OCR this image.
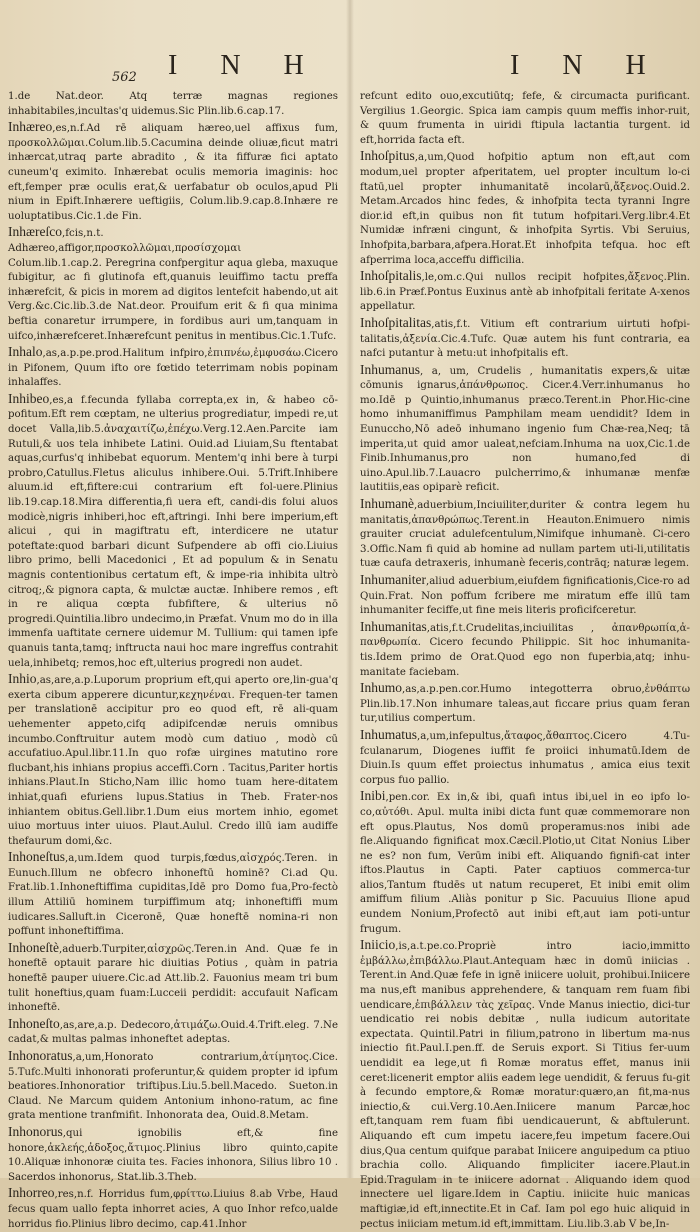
562 I N H

1.de Nat.deor. Atq terræ magnas regiones inhabitabiles,incultas'q uidemus.Sic Plin.lib.6.cap.17.

Inhæreo,es,n.f.Ad rē aliquam hæreo,uel affixus fum, προσκολλῶμαι.Colum.lib.5.Cacumina deinde oliuæ,ficut matri inhærcat,utraq parte abradito , & ita fiffuræ fici aptato cuneum'q eximito. Inhærebat oculis memoria imaginis: hoc eft,femper præ oculis erat,& uerfabatur ob oculos,apud Pli nium in Epift.Inhærere ueftigiis, Colum.lib.9.cap.8.Inhære re uoluptatibus.Cic.1.de Fin.

Inhæreſco,fcis,n.t. Adhæreo,affigor,προσκολλῶμαι,προσίσχομαι Colum.lib.1.cap.2. Peregrina confpergitur aqua gleba, maxuque fubigitur, ac fi glutinofa eft,quanuis leuiffimo tactu preffa inhærefcit, & picis in morem ad digitos lentefcit habendo,ut ait Verg.&c.Cic.lib.3.de Nat.deor. Prouifum erit & fi qua minima beftia conaretur irrumpere, in fordibus auri um,tanquam in uifco,inhærefceret.Inhærefcunt penitus in mentibus.Cic.1.Tufc.

Inhalo,as,a.p.pe.prod.Halitum infpiro,ἐπιπνέω,ἐμφυσάω.Cicero in Pifonem, Quum ifto ore fœtido teterrimam nobis popinam inhalaffes.

Inhibeo,es,a f.fecunda fyllaba correpta,ex in, & habeo cō-pofitum.Eft rem cœptam, ne ulterius progrediatur, impedi re,ut docet Valla,lib.5.ἀναχαιτίζω,ἐπέχω.Verg.12.Aen.Parcite iam Rutuli,& uos tela inhibete Latini. Ouid.ad Liuiam,Su ftentabat aquas,curfus'q inhibebat equorum. Mentem'q inhi bere à turpi probro,Catullus.Fletus aliculus inhibere.Oui. 5.Trift.Inhibere aluum.id eft,fiftere:cui contrarium eft fol-uere.Plinius lib.19.cap.18.Mira differentia,fi uera eft, candi-dis folui aluos modicè,nigris inhiberi,hoc eft,aftringi. Inhi bere imperium,eft alicui , qui in magiftratu eft, interdicere ne utatur poteftate:quod barbari dicunt Sufpendere ab offi cio.Liuius libro primo, belli Macedonici , Et ad populum & in Senatu magnis contentionibus certatum eft, & impe-ria inhibita ultrò citroq;,& pignora capta, & mulctæ auctæ. Inhibere remos , eft in re aliqua cœpta fubfiftere, & ulterius nō progredi.Quintilia.libro undecimo,in Præfat. Vnum mo do in illa immenfa uaftitate cernere uidemur M. Tullium: qui tamen ipfe quanuis tanta,tamq; inftructa naui hoc mare ingreffus contrahit uela,inhibetq; remos,hoc eft,ulterius progredi non audet.

Inhio,as,are,a.p.Luporum proprium eft,qui aperto ore,lin-gua'q exerta cibum apperere dicuntur,κεχηνέναι. Frequen-ter tamen per translationē accipitur pro eo quod eft, rē ali-quam uehementer appeto,cifq adipifcendæ neruis omnibus incumbo.Conftruitur autem modò cum datiuo , modò cū accufatiuo.Apul.libr.11.In quo rofæ uirgines matutino rore flucbant,his inhians propius acceffi.Corn . Tacitus,Pariter hortis inhians.Plaut.In Sticho,Nam illic homo tuam here-ditatem inhiat,quafi efuriens lupus.Statius in Theb. Frater-nos inhiantem obitus.Gell.libr.1.Dum eius mortem inhio, egomet uiuo mortuus inter uiuos. Plaut.Aulul. Credo illū iam audiffe thefaurum domi,&c.

Inhoneſtus,a,um.Idem quod turpis,fœdus,αἰσχρός.Teren. in Eunuch.Illum ne obfecro inhoneftū hominē? Ci.ad Qu. Frat.lib.1.Inhoneftiffima cupiditas,Idē pro Domo fua,Pro-fectò illum Attiliū hominem turpiffimum atq; inhoneftiffi mum iudicares.Salluft.in Ciceronē, Quæ honeftē nomina-ri non poffunt inhoneftiffima.

Inhoneſtè,aduerb.Turpiter,αἰσχρῶς.Teren.in And. Quæ fe in honeftē optauit parare hic diuitias Potius , quàm in patria honeftē pauper uiuere.Cic.ad Att.lib.2. Fauonius meam tri bum tulit honeftius,quam fuam:Lucceii perdidit: accufauit Nafīcam inhoneftē.

Inhoneſto,as,are,a.p. Dedecoro,ἀτιμάζω.Ouid.4.Trift.eleg. 7.Ne cadat,& multas palmas inhoneftet adeptas.

Inhonoratus,a,um,Honorato contrarium,ἀτίμητος.Cice. 5.Tufc.Multi inhonorati proferuntur,& quidem propter id ipfum beatiores.Inhonoratior triftiþus.Liu.5.bell.Macedo. Sueton.in Claud. Ne Marcum quidem Antonium inhono-ratum, ac fine grata mentione tranfmifit. Inhonorata dea, Ouid.8.Metam.

Inhonorus,qui ignobilis eft,& fine honore,ἀκλεής,ἀδοξος,ἄτιμος.Plinius libro quinto,capite 10.Aliquæ inhonoræ ciuita tes. Facies inhonora, Silius libro 10 . Sacerdos inhonorus, Stat.lib.3.Theb.

Inhorreo,res,n.f. Horridus fum,φρίττω.Liuius 8.ab Vrbe, Haud fecus quam uallo fepta inhorret acies, A quo Inhor refco,ualde horridus fio.Plinius libro decimo, cap.41.Inhor

I N H

refcunt edito ouo,excutiūtq; fefe, & circumacta purificant. Vergilius 1.Georgic. Spica iam campis quum meffis inhor-ruit, & quum frumenta in uiridi ftipula lactantia turgent. id eft,horrida facta eft.

Inhoſpitus,a,um,Quod hofpitio aptum non eft,aut com modum,uel propter afperitatem, uel propter incultum lo-ci ftatū,uel propter inhumanitatē incolarū,ἄξενος.Ouid.2. Metam.Arcados hinc fedes, & inhofpita tecta tyranni Ingre dior.id eft,in quibus non fit tutum hofpitari.Verg.libr.4.Et Numidæ infræni cingunt, & inhofpita Syrtis. Vbi Seruius, Inhofpita,barbara,afpera.Horat.Et inhofpita tefqua. hoc eft afperrima loca,acceffu difficilia.

Inhoſpitalis,le,om.c.Qui nullos recipit hofpites,ἄξενος.Plin. lib.6.in Præf.Pontus Euxinus antè ab inhofpitali feritate A-xenos appellatur.

Inhoſpitalitas,atis,f.t. Vitium eft contrarium uirtuti hofpi-talitatis,ἀξενία.Cic.4.Tufc. Quæ autem his funt contraria, ea nafci putantur à metu:ut inhofpitalis eft.

Inhumanus, a, um, Crudelis , humanitatis expers,& uitæ cōmunis ignarus,ἀπάνθρωπος. Cicer.4.Verr.inhumanus ho mo.Idē p Quintio,inhumanus præco.Terent.in Phor.Hic-cine homo inhumaniffimus Pamphilam meam uendidit? Idem in Eunuccho,Nō adeō inhumano ingenio fum Chæ-rea,Neq; tā imperita,ut quid amor ualeat,nefciam.Inhuma na uox,Cic.1.de Finib.Inhumanus,pro non humano,fed di uino.Apul.lib.7.Lauacro pulcherrimo,& inhumanæ menfæ lautitiis,eas opiparè reficit.

Inhumanè,aduerbium,Inciuiliter,duriter & contra legem hu manitatis,ἀπανθρώπως.Terent.in Heauton.Enimuero nimis grauiter cruciat adulefcentulum,Nimifque inhumanè. Ci-cero 3.Offic.Nam fi quid ab homine ad nullam partem uti-li,utilitatis tuæ caufa detraxeris, inhumanè feceris,contrāq; naturæ legem.

Inhumaniter,aliud aduerbium,eiufdem fignificationis,Cice-ro ad Quin.Frat. Non poffum fcribere me miratum effe illū tam inhumaniter feciffe,ut fine meis literis proficifceretur.

Inhumanitas,atis,f.t.Crudelitas,inciuilitas , ἀπανθρωπία,ἀ-πανθρωπία. Cicero fecundo Philippic. Sit hoc inhumanita-tis.Idem primo de Orat.Quod ego non fuperbia,atq; inhu-manitate faciebam.

Inhumo,as,a.p.pen.cor.Humo integotterra obruo,ἐνθάπτω Plin.lib.17.Non inhumare taleas,aut ficcare prius quam feran tur,utilius compertum.

Inhumatus,a,um,infepultus,ἄταφος,ἄθαπτος.Cicero 4.Tu-fculanarum, Diogenes iuffit fe proiici inhumatū.Idem de Diuin.Is quum effet proiectus inhumatus , amica eius texit corpus fuo pallio.

Inibi,pen.cor. Ex in,& ibi, quafi intus ibi,uel in eo ipfo lo-co,αὐτόθι. Apul. multa inibi dicta funt quæ commemorare non eft opus.Plautus, Nos domū properamus:nos inibi ade fle.Aliquando fignificat mox.Cæcil.Plotio,ut Citat Nonius Liber ne es? non fum, Verūm inibi eft. Aliquando fignifi-cat inter iftos.Plautus in Capti. Pater captiuos commerca-tur alios,Tantum ftudēs ut natum recuperet, Et inibi emit olim amiffum filium .Aliàs ponitur p Sic. Pacuuius Ilione apud eundem Nonium,Profectō aut inibi eft,aut iam poti-untur frugum.

Iniicio,is,a.t.pe.co.Propriè intro iacio,immitto ἐμβάλλω,ἐπιβάλλω.Plaut.Antequam hæc in domū iniicias . Terent.in And.Quæ fefe in ignē iniicere uoluit, prohibui.Iniicere ma nus,eft manibus apprehendere, & tanquam rem fuam fibi uendicare,ἐπιβάλλειν τὰς χεῖρας. Vnde Manus iniectio, dici-tur uendicatio rei nobis debitæ , nulla iudicum autoritate expectata. Quintil.Patri in filium,patrono in libertum ma-nus iniectio fit.Paul.I.pen.ff. de Seruis export. Si Titius fer-uum uendidit ea lege,ut fi Romæ moratus effet, manus inii ceret:licenerit emptor aliis eadem lege uendidit, & feruus fu-git à fecundo emptore,& Romæ moratur:quæro,an fit,ma-nus iniectio,& cui.Verg.10.Aen.Iniicere manum Parcæ,hoc eft,tanquam rem fuam fibi uendicauerunt, & abftulerunt. Aliquando eft cum impetu iacere,feu impetum facere.Oui dius,Qua centum quifque parabat Iniicere anguipedum ca ptiuo brachia collo. Aliquando fimpliciter iacere.Plaut.in Epid.Tragulam in te iniicere adornat . Aliquando idem quod innectere uel ligare.Idem in Captiu. iniicite huic manicas maftigiæ,id eft,innectite.Et in Caf. Iam pol ego huic aliquid in pectus iniiciam metum.id eft,immittam. Liu.lib.3.ab V be,In-
